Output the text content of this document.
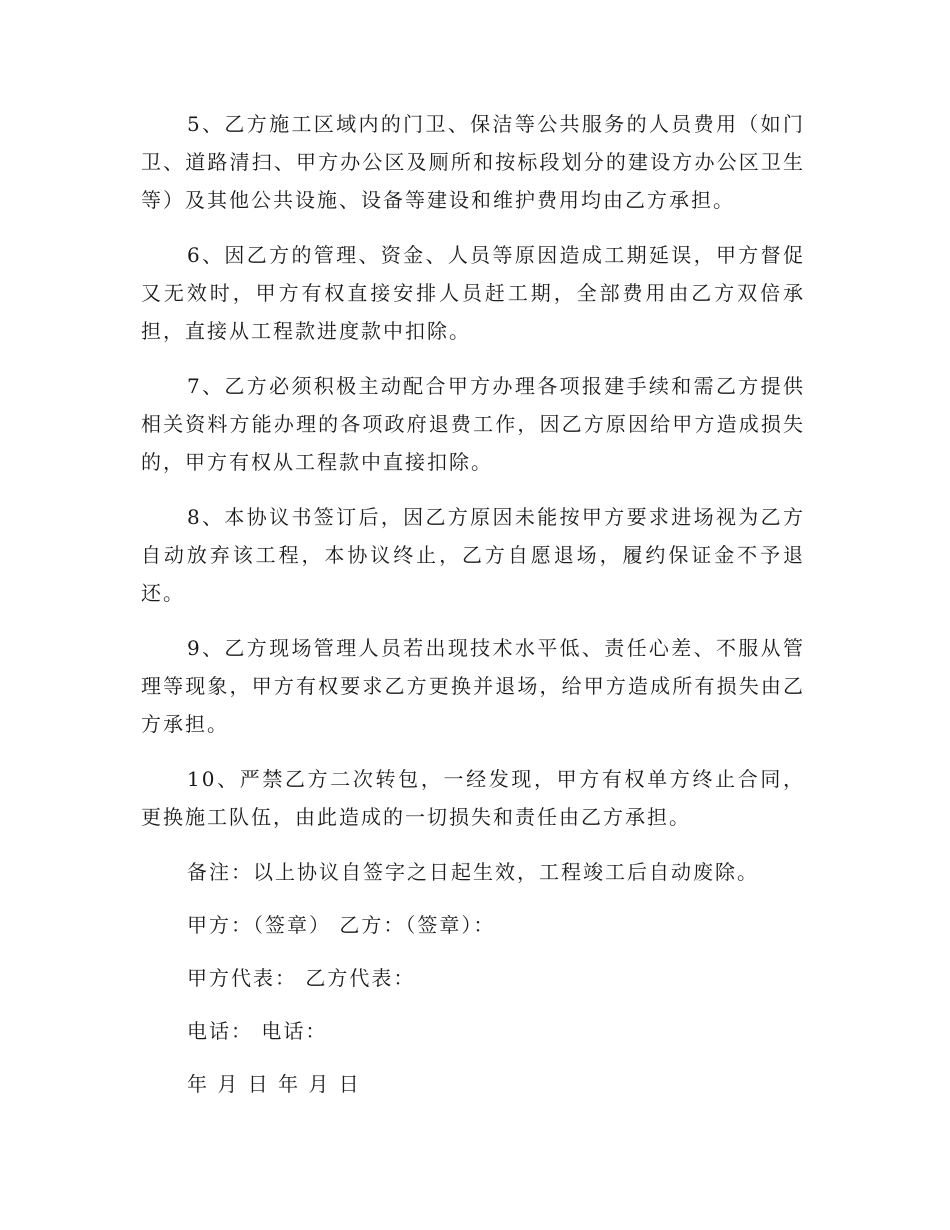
5、乙方施工区域内的门卫、保洁等公共服务的人员费用（如门卫、道路清扫、甲方办公区及厕所和按标段划分的建设方办公区卫生等）及其他公共设施、设备等建设和维护费用均由乙方承担。

6、因乙方的管理、资金、人员等原因造成工期延误，甲方督促又无效时，甲方有权直接安排人员赶工期，全部费用由乙方双倍承担，直接从工程款进度款中扣除。

7、乙方必须积极主动配合甲方办理各项报建手续和需乙方提供相关资料方能办理的各项政府退费工作，因乙方原因给甲方造成损失的，甲方有权从工程款中直接扣除。

8、本协议书签订后，因乙方原因未能按甲方要求进场视为乙方自动放弃该工程，本协议终止，乙方自愿退场，履约保证金不予退还。

9、乙方现场管理人员若出现技术水平低、责任心差、不服从管理等现象，甲方有权要求乙方更换并退场，给甲方造成所有损失由乙方承担。

10、严禁乙方二次转包，一经发现，甲方有权单方终止合同，更换施工队伍，由此造成的一切损失和责任由乙方承担。

备注：以上协议自签字之日起生效，工程竣工后自动废除。

甲方：（签章） 乙方：（签章）：

甲方代表： 乙方代表：

电话： 电话：

年 月 日 年 月 日
